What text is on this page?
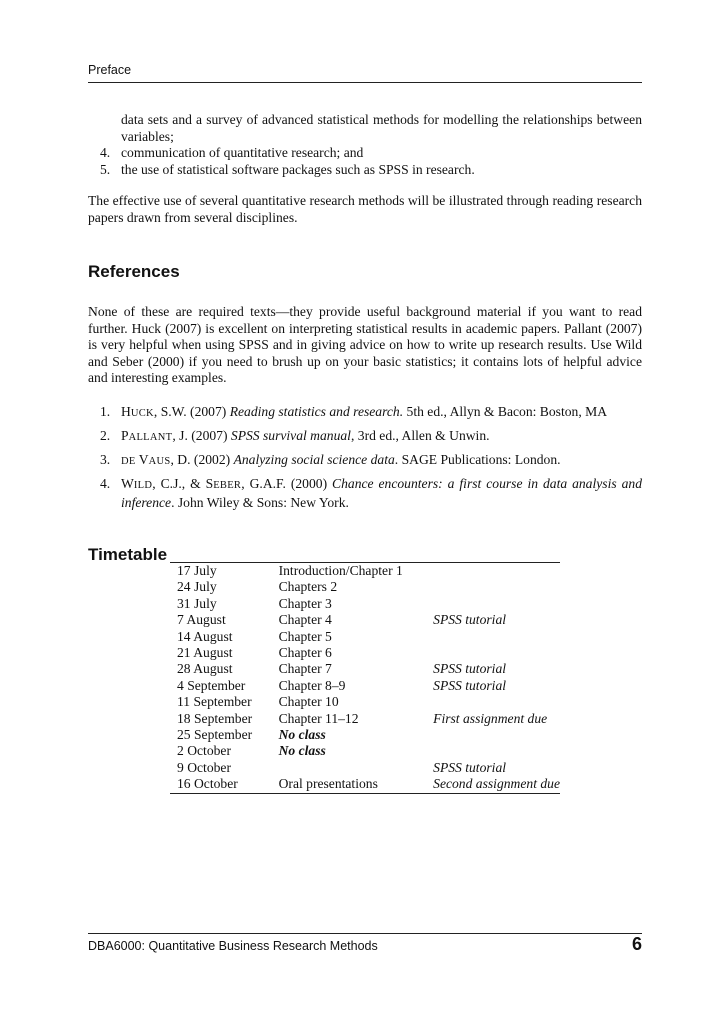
Preface
data sets and a survey of advanced statistical methods for modelling the relationships between variables;
4. communication of quantitative research; and
5. the use of statistical software packages such as SPSS in research.
The effective use of several quantitative research methods will be illustrated through reading research papers drawn from several disciplines.
References
None of these are required texts—they provide useful background material if you want to read further. Huck (2007) is excellent on interpreting statistical results in academic papers. Pallant (2007) is very helpful when using SPSS and in giving advice on how to write up research results. Use Wild and Seber (2000) if you need to brush up on your basic statistics; it contains lots of helpful advice and interesting examples.
1. HUCK, S.W. (2007) Reading statistics and research. 5th ed., Allyn & Bacon: Boston, MA
2. PALLANT, J. (2007) SPSS survival manual, 3rd ed., Allen & Unwin.
3.	DE VAUS, D. (2002) Analyzing social science data. SAGE Publications: London.
4. WILD, C.J., & SEBER, G.A.F. (2000) Chance encounters: a first course in data analysis and inference. John Wiley & Sons: New York.
Timetable
17 July	Introduction/Chapter 1	
24 July	Chapters 2	
31 July	Chapter 3	
7 August	Chapter 4	SPSS tutorial
14 August	Chapter 5	
21 August	Chapter 6	
28 August	Chapter 7	SPSS tutorial
4 September	Chapter 8–9	SPSS tutorial
11 September	Chapter 10	
18 September	Chapter 11–12	First assignment due
25 September	No class	
2 October	No class	
9 October		SPSS tutorial
16 October	Oral presentations	Second assignment due
DBA6000: Quantitative Business Research Methods	6
